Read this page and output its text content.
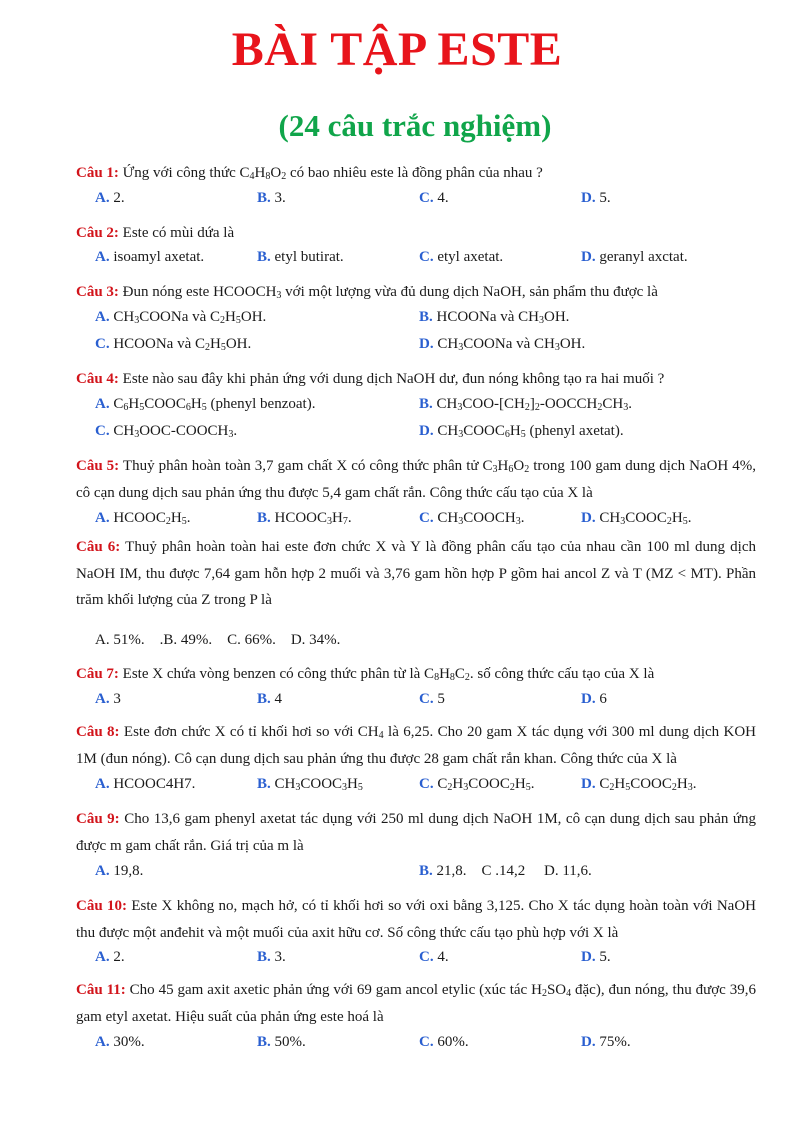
BÀI TẬP ESTE
(24 câu trắc nghiệm)
Câu 1: Ứng với công thức $C_4H_8O_2$ có bao nhiêu este là đồng phân của nhau ?
A. 2.	B. 3.	C. 4.	D. 5.
Câu 2: Este có mùi dứa là
A. isoamyl axetat.	B. etyl butirat.	C. etyl axetat.	D. geranyl axctat.
Câu 3: Đun nóng este $HCOOCH_3$ với một lượng vừa đủ dung dịch NaOH, sản phẩm thu được là
A. $CH_3COONa$ và $C_2H_5OH$.	B. HCOONa và $CH_3OH$.
C. HCOONa và $C_2H_5OH$.	D. $CH_3COONa$ và $CH_3OH$.
Câu 4: Este nào sau đây khi phản ứng với dung dịch NaOH dư, đun nóng không tạo ra hai muối ?
A. $C_6H_5COOC_6H_5$ (phenyl benzoat).	B. $CH_3COO-[CH_2]_2-OOCCH_2CH_3$.
C. $CH_3OOC-COOCH_3$.	D. $CH_3COOC_6H_5$ (phenyl axetat).
Câu 5: Thuỷ phân hoàn toàn 3,7 gam chất X có công thức phân tử $C_3H_6O_2$ trong 100 gam dung dịch NaOH 4%, cô cạn dung dịch sau phản ứng thu được 5,4 gam chất rắn. Công thức cấu tạo của X là
A. $HCOOC_2H_5$.	B. $HCOOC_3H_7$.	C. $CH_3COOCH_3$.	D. $CH_3COOC_2H_5$.
Câu 6: Thuỷ phân hoàn toàn hai este đơn chức X và Y là đồng phân cấu tạo của nhau cần 100 ml dung dịch NaOH IM, thu được 7,64 gam hỗn hợp 2 muối và 3,76 gam hồn hợp P gồm hai ancol Z và T (MZ < MT). Phần trăm khối lượng của Z trong P là
A. 51%.    .B. 49%.    C. 66%.    D. 34%.
Câu 7: Este X chứa vòng benzen có công thức phân từ là $C_8H_8C_2$. số công thức cấu tạo của X là
A. 3	B. 4	C. 5	D. 6
Câu 8: Este đơn chức X có tỉ khối hơi so với $CH_4$ là 6,25. Cho 20 gam X tác dụng với 300 ml dung dịch KOH 1M (đun nóng). Cô cạn dung dịch sau phản ứng thu được 28 gam chất rắn khan. Công thức của X là
A. HCOOC4H7.	B. $CH_3COOC_3H_5$	C. $C_2H_3COOC_2H_5$.	D. $C_2H_5COOC_2H_3$.
Câu 9: Cho 13,6 gam phenyl axetat tác dụng với 250 ml dung dịch NaOH 1M, cô cạn dung dịch sau phản ứng được m gam chất rắn. Giá trị của m là
A. 19,8.	B. 21,8.    C .14,2     D. 11,6.
Câu 10: Este X không no, mạch hở, có tỉ khối hơi so với oxi bằng 3,125. Cho X tác dụng hoàn toàn với NaOH thu được một anđehit và một muối của axit hữu cơ. Số công thức cấu tạo phù hợp với X là
A. 2.	B. 3.	C. 4.	D. 5.
Câu 11: Cho 45 gam axit axetic phản ứng với 69 gam ancol etylic (xúc tác $H_2SO_4$ đặc), đun nóng, thu được 39,6 gam etyl axetat. Hiệu suất của phản ứng este hoá là
A. 30%.	B. 50%.	C. 60%.	D. 75%.
